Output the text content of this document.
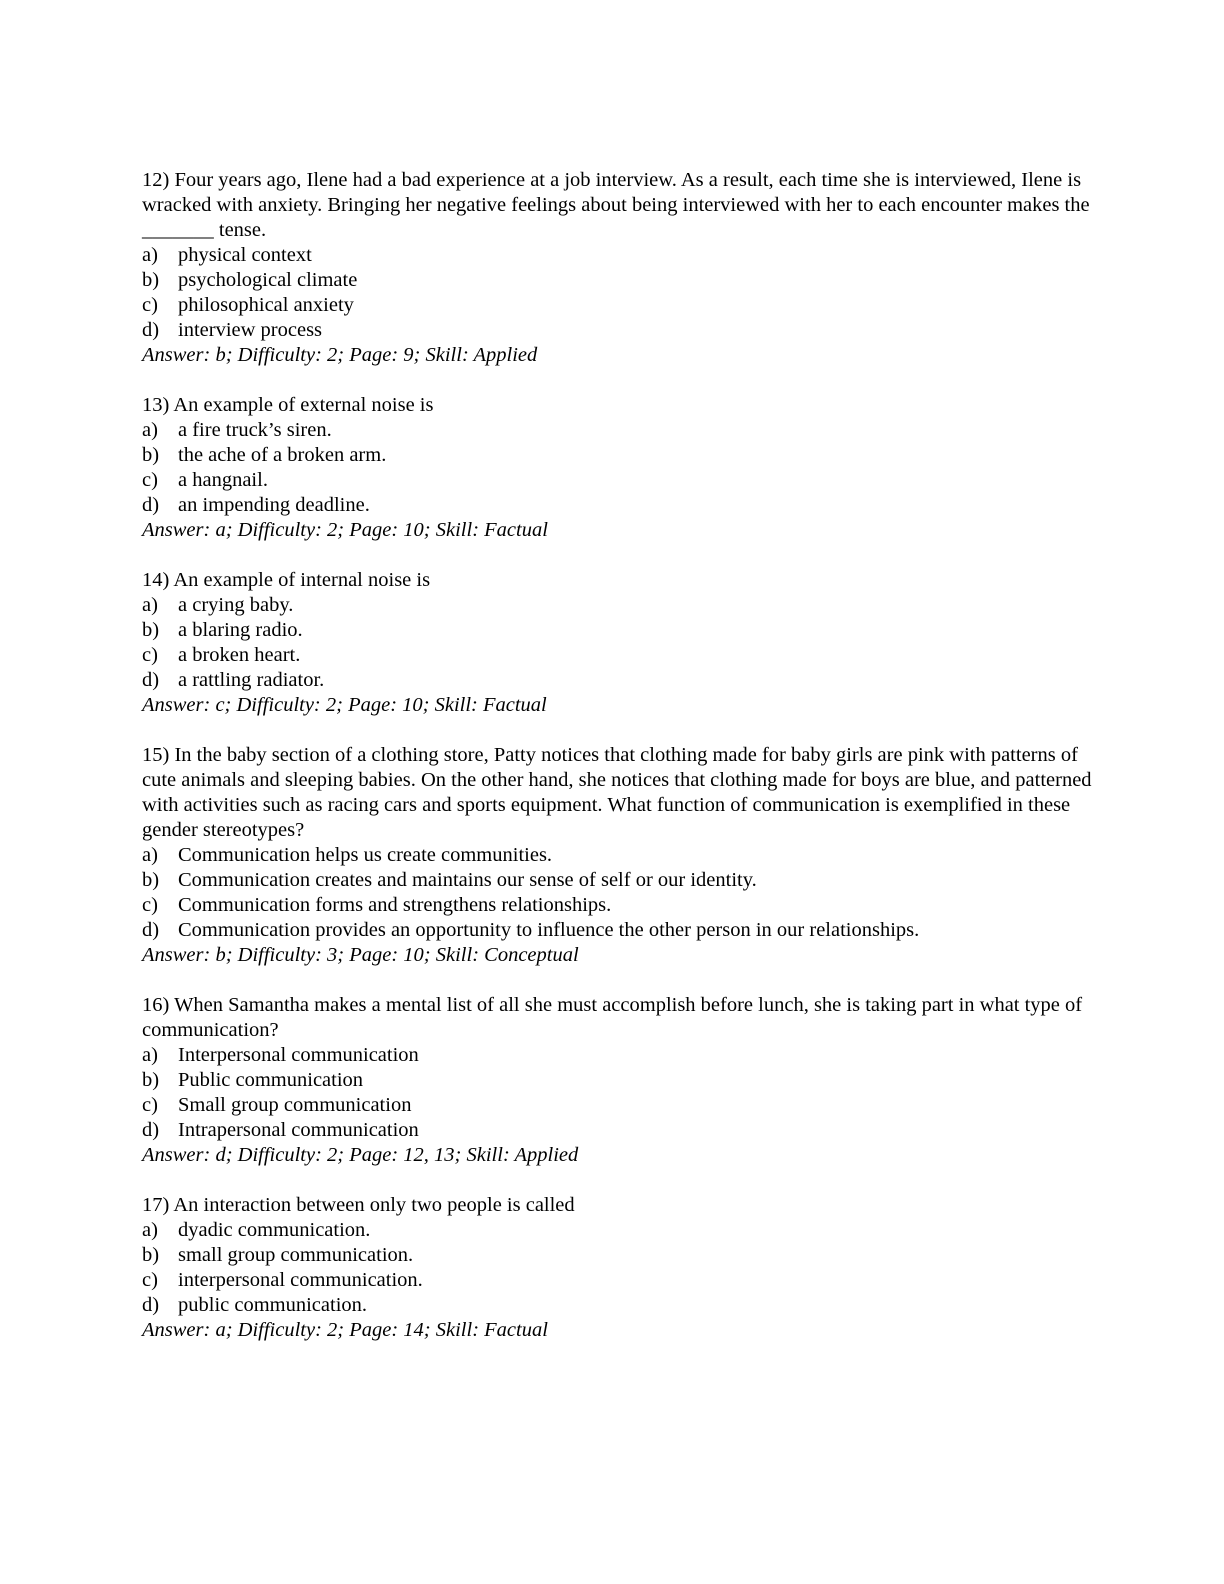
12) Four years ago, Ilene had a bad experience at a job interview. As a result, each time she is interviewed, Ilene is wracked with anxiety. Bringing her negative feelings about being interviewed with her to each encounter makes the _______ tense.

a) physical context
b) psychological climate
c) philosophical anxiety
d) interview process

Answer: b; Difficulty: 2; Page: 9; Skill: Applied

13) An example of external noise is

a) a fire truck’s siren.
b) the ache of a broken arm.
c) a hangnail.
d) an impending deadline.

Answer: a; Difficulty: 2; Page: 10; Skill: Factual

14) An example of internal noise is

a) a crying baby.
b) a blaring radio.
c) a broken heart.
d) a rattling radiator.

Answer: c; Difficulty: 2; Page: 10; Skill: Factual

15) In the baby section of a clothing store, Patty notices that clothing made for baby girls are pink with patterns of cute animals and sleeping babies. On the other hand, she notices that clothing made for boys are blue, and patterned with activities such as racing cars and sports equipment. What function of communication is exemplified in these gender stereotypes?

a) Communication helps us create communities.
b) Communication creates and maintains our sense of self or our identity.
c) Communication forms and strengthens relationships.
d) Communication provides an opportunity to influence the other person in our relationships.

Answer: b; Difficulty: 3; Page: 10; Skill: Conceptual

16) When Samantha makes a mental list of all she must accomplish before lunch, she is taking part in what type of communication?

a) Interpersonal communication
b) Public communication
c) Small group communication
d) Intrapersonal communication

Answer: d; Difficulty: 2; Page: 12, 13; Skill: Applied

17) An interaction between only two people is called

a) dyadic communication.
b) small group communication.
c) interpersonal communication.
d) public communication.

Answer: a; Difficulty: 2; Page: 14; Skill: Factual
